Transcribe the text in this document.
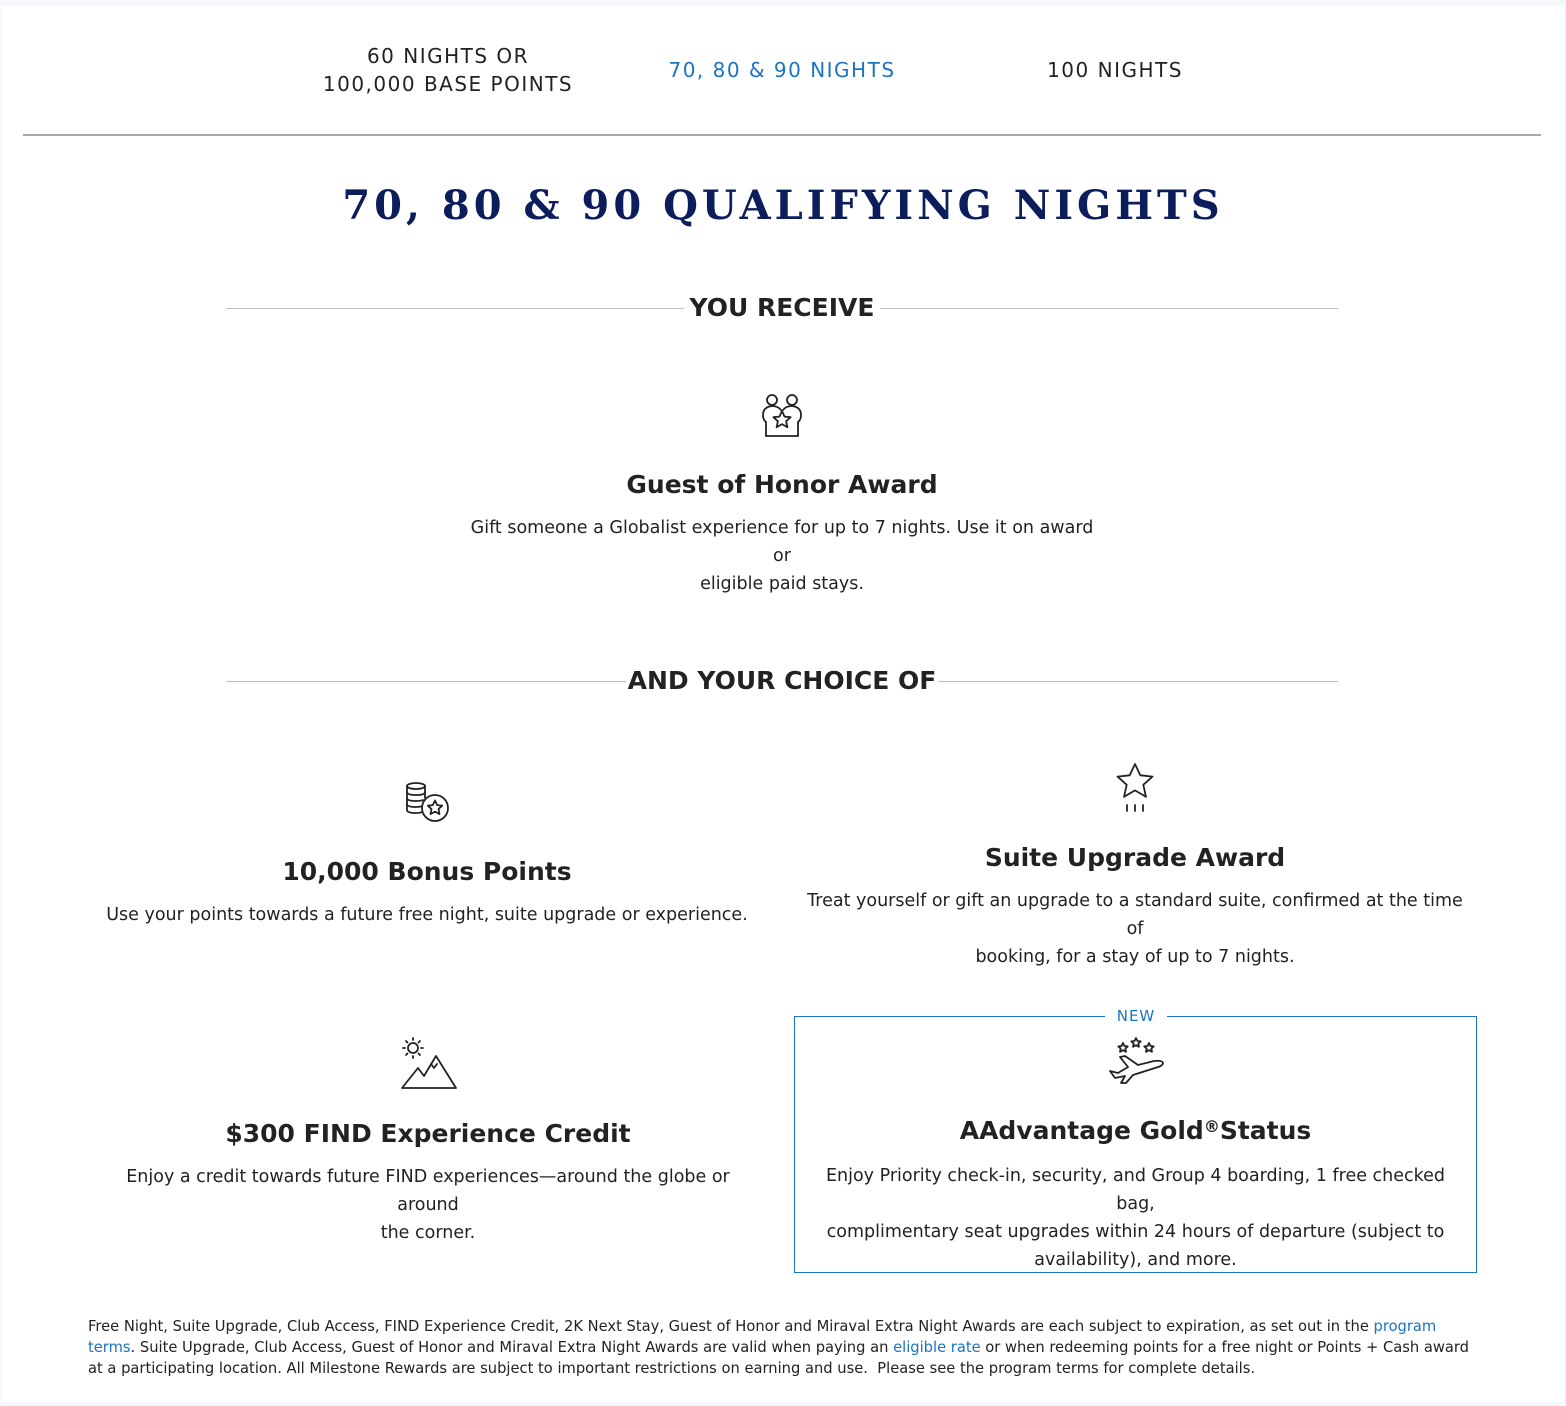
60 NIGHTS OR
100,000 BASE POINTS
70, 80 & 90 NIGHTS	100 NIGHTS
70, 80 & 90 QUALIFYING NIGHTS
YOU RECEIVE
Guest of Honor Award
Gift someone a Globalist experience for up to 7 nights. Use it on award or
eligible paid stays.
AND YOUR CHOICE OF
10,000 Bonus Points
Use your points towards a future free night, suite upgrade or experience.
Suite Upgrade Award
Treat yourself or gift an upgrade to a standard suite, confirmed at the time of
booking, for a stay of up to 7 nights.
$300 FIND Experience Credit
Enjoy a credit towards future FIND experiences—around the globe or around
the corner.
NEW
AAdvantage Gold®Status
Enjoy Priority check-in, security, and Group 4 boarding, 1 free checked bag,
complimentary seat upgrades within 24 hours of departure (subject to
availability), and more.

Free Night, Suite Upgrade, Club Access, FIND Experience Credit, 2K Next Stay, Guest of Honor and Miraval Extra Night Awards are each subject to expiration, as set out in the program terms. Suite Upgrade, Club Access, Guest of Honor and Miraval Extra Night Awards are valid when paying an eligible rate or when redeeming points for a free night or Points + Cash award at a participating location. All Milestone Rewards are subject to important restrictions on earning and use.  Please see the program terms for complete details.
